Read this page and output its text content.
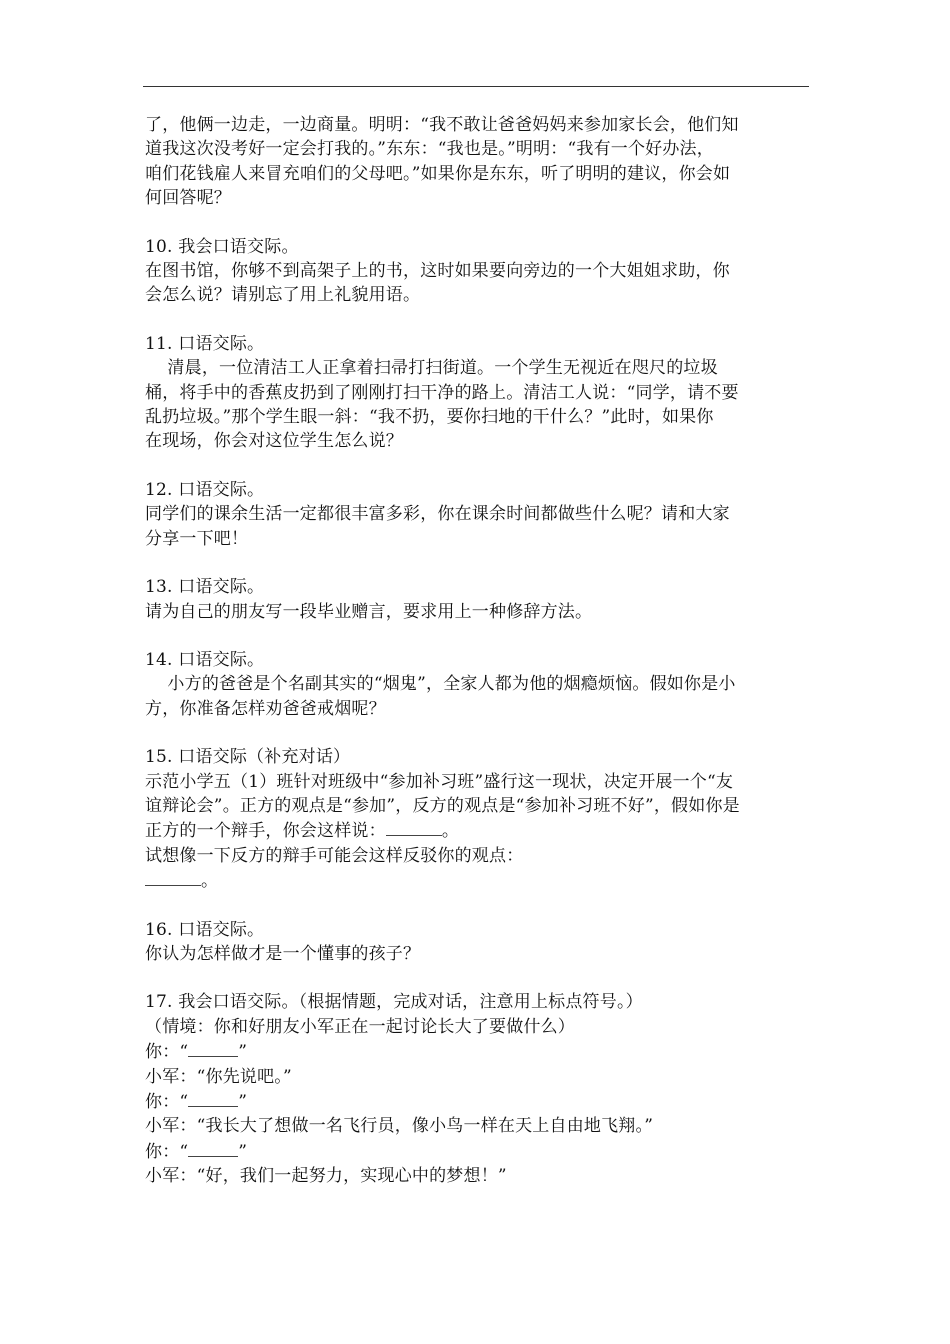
了，他俩一边走，一边商量。明明：“我不敢让爸爸妈妈来参加家长会，他们知

道我这次没考好一定会打我的。”东东：“我也是。”明明：“我有一个好办法，

咱们花钱雇人来冒充咱们的父母吧。”如果你是东东，听了明明的建议，你会如

何回答呢？

10. 我会口语交际。

在图书馆，你够不到高架子上的书，这时如果要向旁边的一个大姐姐求助，你

会怎么说？请别忘了用上礼貌用语。

11. 口语交际。

清晨，一位清洁工人正拿着扫帚打扫街道。一个学生无视近在咫尺的垃圾

桶，将手中的香蕉皮扔到了刚刚打扫干净的路上。清洁工人说：“同学，请不要

乱扔垃圾。”那个学生眼一斜：“我不扔，要你扫地的干什么？”此时，如果你

在现场，你会对这位学生怎么说？

12. 口语交际。

同学们的课余生活一定都很丰富多彩，你在课余时间都做些什么呢？请和大家

分享一下吧！

13. 口语交际。

请为自己的朋友写一段毕业赠言，要求用上一种修辞方法。

14. 口语交际。

小方的爸爸是个名副其实的“烟鬼”，全家人都为他的烟瘾烦恼。假如你是小

方，你准备怎样劝爸爸戒烟呢？

15. 口语交际（补充对话）

示范小学五（1）班针对班级中“参加补习班”盛行这一现状，决定开展一个“友

谊辩论会”。正方的观点是“参加”，反方的观点是“参加补习班不好”，假如你是

正方的一个辩手，你会这样说：	。

试想像一下反方的辩手可能会这样反驳你的观点：

。

16. 口语交际。

你认为怎样做才是一个懂事的孩子？

17. 我会口语交际。（根据情题，完成对话，注意用上标点符号。）

（情境：你和好朋友小军正在一起讨论长大了要做什么）

你：“	”

小军：“你先说吧。”

你：“	”

小军：“我长大了想做一名飞行员，像小鸟一样在天上自由地飞翔。”

你：“	”

小军：“好，我们一起努力，实现心中的梦想！”
